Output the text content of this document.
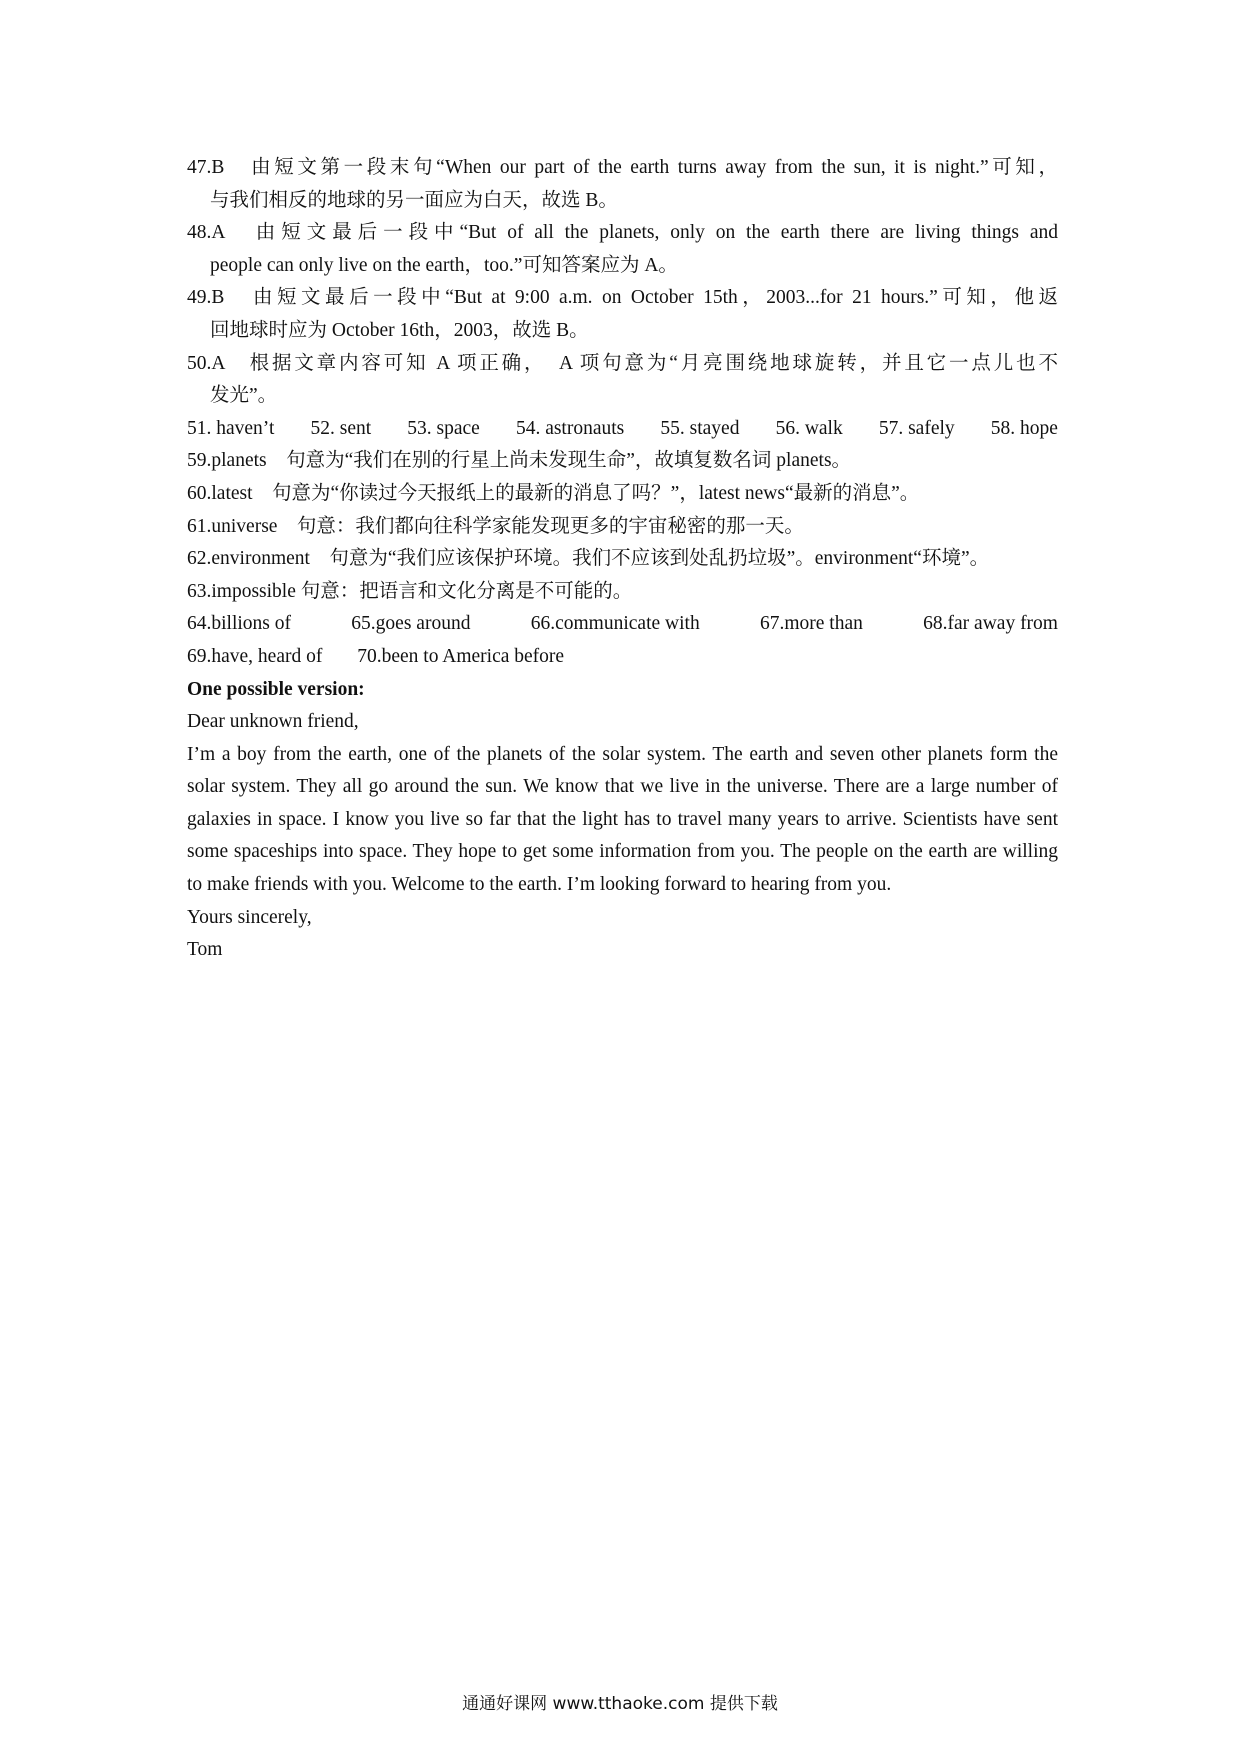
47.B　由短文第一段末句“When our part of the earth turns away from the sun, it is night.”可知，
与我们相反的地球的另一面应为白天，故选 B。
48.A　由短文最后一段中“But of all the planets, only on the earth there are living things and
people can only live on the earth，too.”可知答案应为 A。
49.B　由短文最后一段中“But at 9:00 a.m. on October 15th，2003...for 21 hours.”可知，他返
回地球时应为 October 16th，2003，故选 B。
50.A　根据文章内容可知 A 项正确，　A 项句意为“月亮围绕地球旋转，并且它一点儿也不
发光”。
51. haven’t 52. sent 53. space 54. astronauts 55. stayed 56. walk 57. safely 58. hope
59.planets　句意为“我们在别的行星上尚未发现生命”，故填复数名词 planets。
60.latest　句意为“你读过今天报纸上的最新的消息了吗？”，latest news“最新的消息”。
61.universe　句意：我们都向往科学家能发现更多的宇宙秘密的那一天。
62.environment　句意为“我们应该保护环境。我们不应该到处乱扔垃圾”。environment“环境”。
63.impossible 句意：把语言和文化分离是不可能的。
64.billions of	65.goes around	66.communicate with	67.more than	68.far away from
69.have, heard of 70.been to America before

One possible version:

Dear unknown friend,

I’m a boy from the earth, one of the planets of the solar system. The earth and seven other planets form the solar system. They all go around the sun. We know that we live in the universe. There are a large number of galaxies in space. I know you live so far that the light has to travel many years to arrive. Scientists have sent some spaceships into space. They hope to get some information from you. The people on the earth are willing to make friends with you. Welcome to the earth. I’m looking forward to hearing from you.

Yours sincerely,

Tom

通通好课网 www.tthaoke.com 提供下载
